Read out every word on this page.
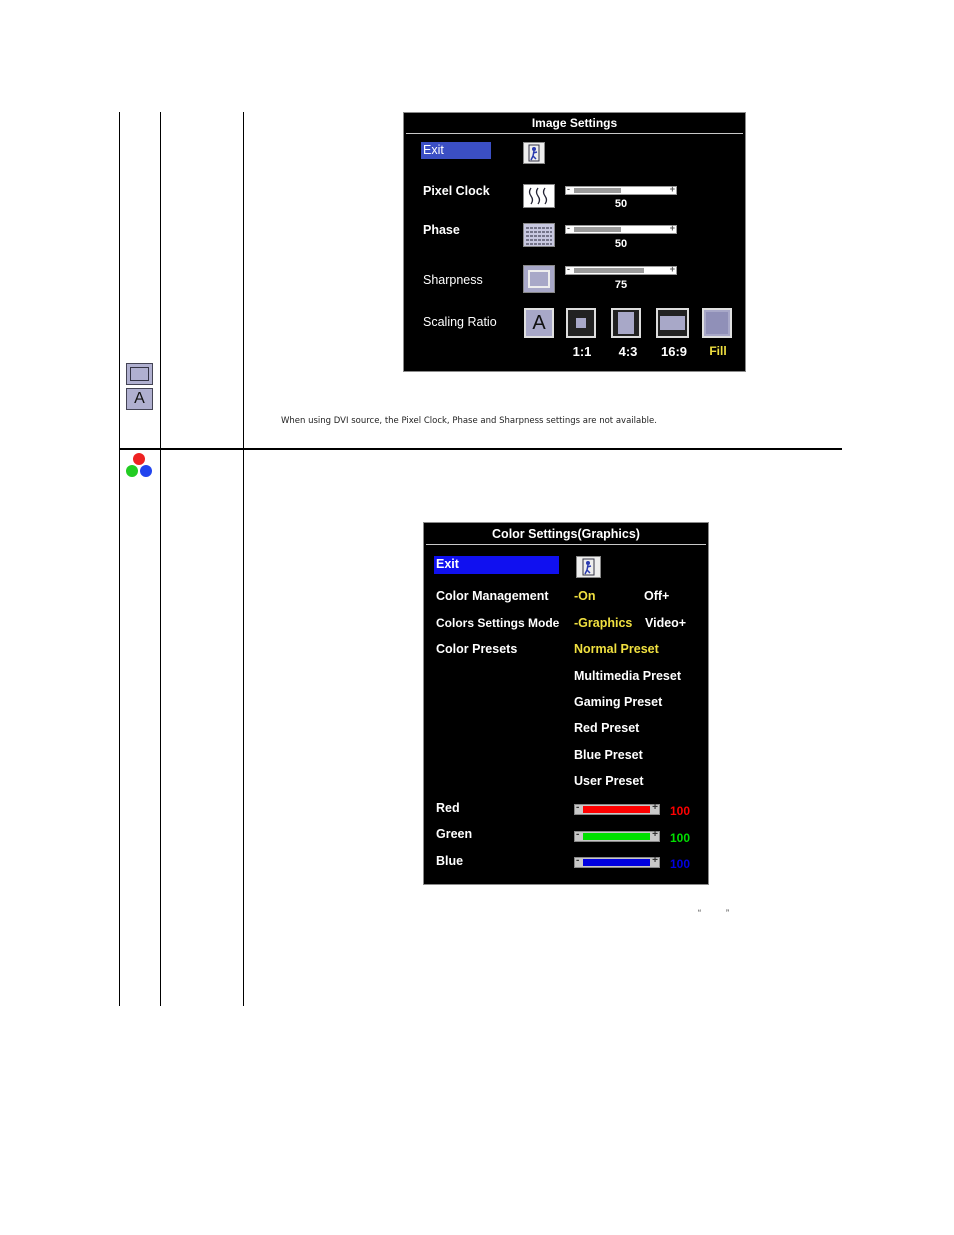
A
Image Settings
Exit
Pixel Clock	-	+
50
Phase	-	+
50
Sharpness
-	+
75
Scaling Ratio	A
1:1	4:3	16:9	Fill
When using DVI source, the Pixel Clock, Phase and Sharpness settings are not available.
Color Settings(Graphics)
Exit
Color Management -On	Off+
Colors Settings Mode -Graphics Video+
Color Presets	Normal Preset
Multimedia Preset
Gaming Preset
Red Preset
Blue Preset
User Preset
Red	-	+ 100
Green	-	+ 100
Blue	-	+ 100
“	”
